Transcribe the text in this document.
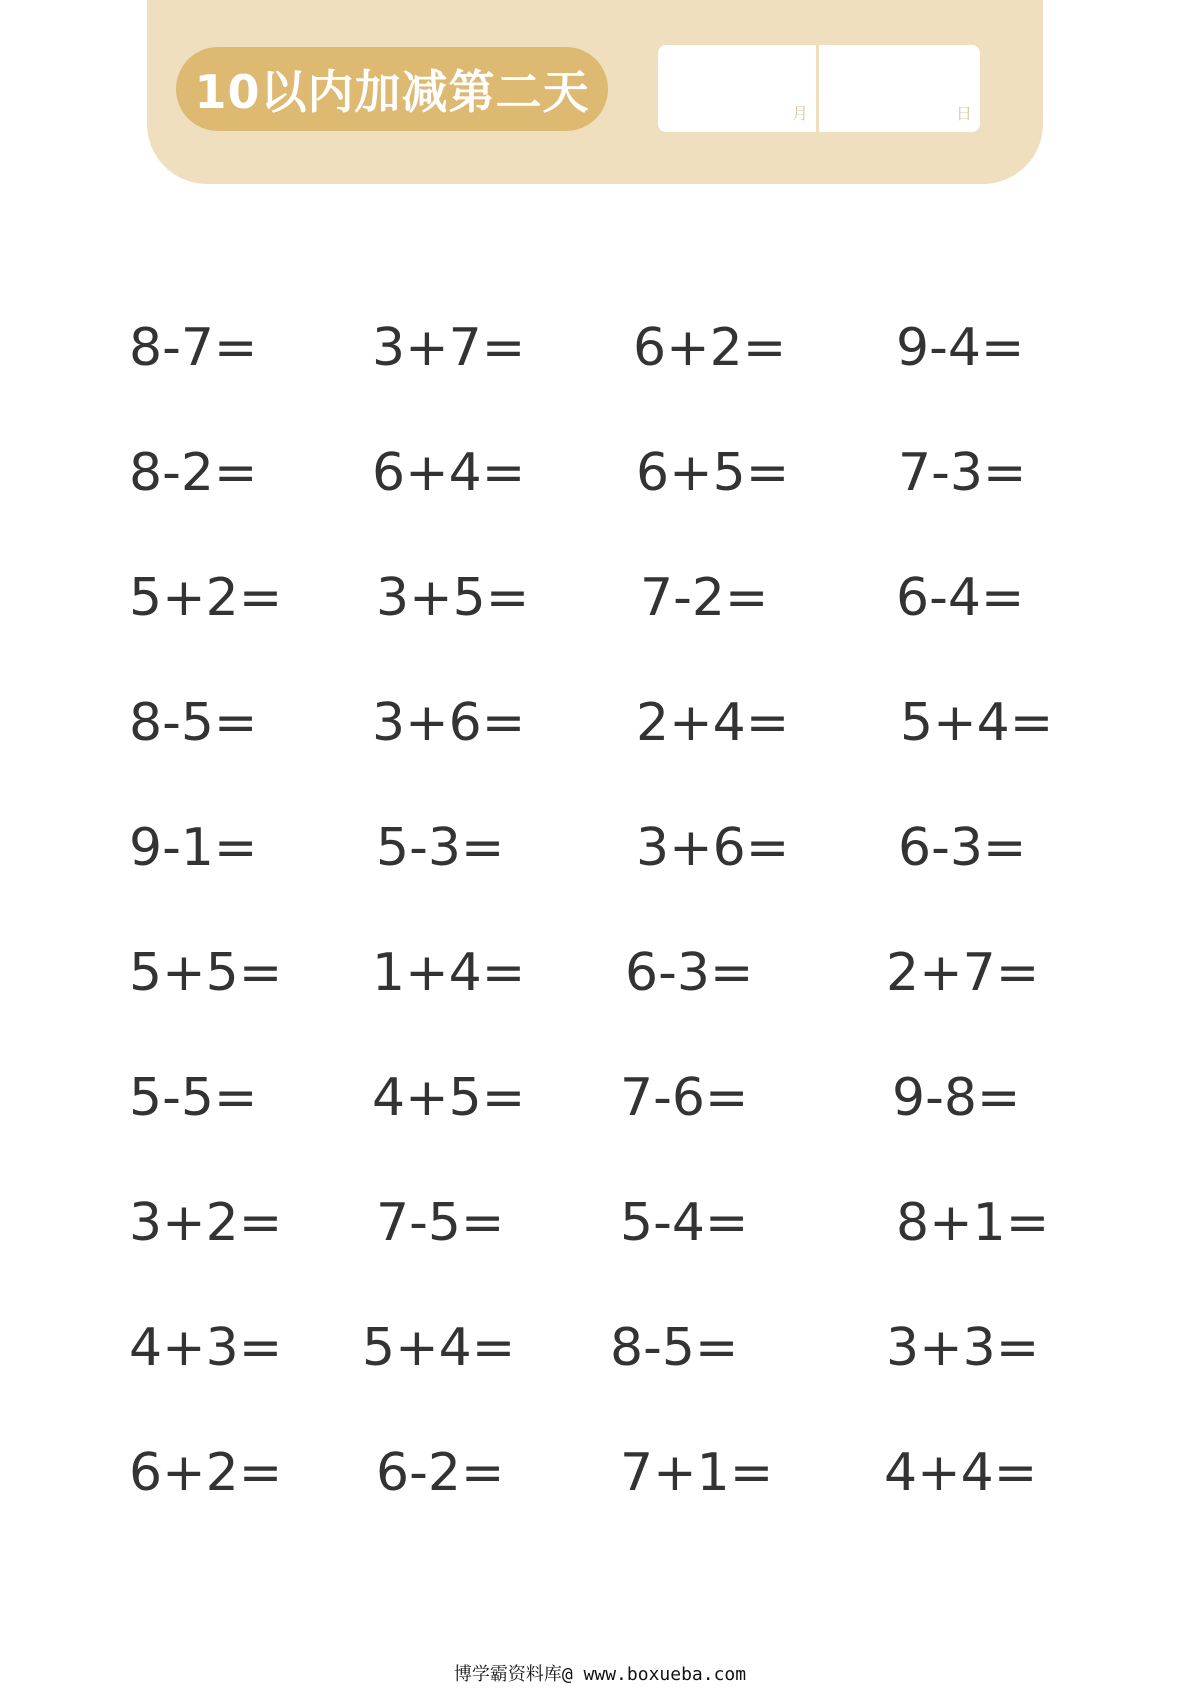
10以内加减第二天	月	日
8-7= 3+7= 6+2= 9-4=
8-2= 6+4= 6+5= 7-3=
5+2= 3+5= 7-2= 6-4=
8-5= 3+6= 2+4= 5+4=
9-1= 5-3=	3+6= 6-3=
5+5= 1+4= 6-3=	2+7=
5-5= 4+5= 7-6=	9-8=
3+2= 7-5= 5-4=	8+1=
4+3= 5+4= 8-5=	3+3=
6+2= 6-2= 7+1= 4+4=
博学霸资料库@ www.boxueba.com
